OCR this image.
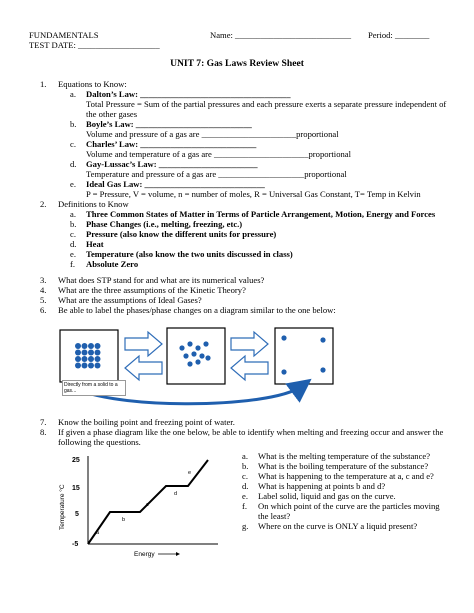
FUNDAMENTALS
TEST DATE: ___________________
Name: ___________________________ Period: ________
UNIT 7: Gas Laws Review Sheet
1. Equations to Know:
a. Dalton’s Law: ___________________________________
Total Pressure = Sum of the partial pressures and each pressure exerts a separate pressure independent of
the other gases
b. Boyle’s Law: ___________________________
Volume and pressure of a gas are ______________________proportional
c. Charles’ Law: ___________________________
Volume and temperature of a gas are ______________________proportional
d. Gay-Lussac’s Law: _______________________
Temperature and pressure of a gas are ____________________proportional
e. Ideal Gas Law: ____________________________
P = Pressure, V = volume, n = number of moles, R = Universal Gas Constant, T= Temp in Kelvin
2. Definitions to Know
a. Three Common States of Matter in Terms of Particle Arrangement, Motion, Energy and Forces
b. Phase Changes (i.e., melting, freezing, etc.)
c. Pressure (also know the different units for pressure)
d. Heat
e. Temperature (also know the two units discussed in class)
f. Absolute Zero
3. What does STP stand for and what are its numerical values?
4. What are the three assumptions of the Kinetic Theory?
5. What are the assumptions of Ideal Gases?
6. Be able to label the phases/phase changes on a diagram similar to the one below:
Directly from a solid to a gas...
7. Know the boiling point and freezing point of water.
8. If given a phase diagram like the one below, be able to identify when melting and freezing occur and answer the
following the questions.
Temperature °C
25
15
5
-5
a
b
c
d
e
Energy
a. What is the melting temperature of the substance?
b. What is the boiling temperature of the substance?
c. What is happening to the temperature at a, c and e?
d. What is happening at points b and d?
e. Label solid, liquid and gas on the curve.
f. On which point of the curve are the particles moving
the least?
g. Where on the curve is ONLY a liquid present?
